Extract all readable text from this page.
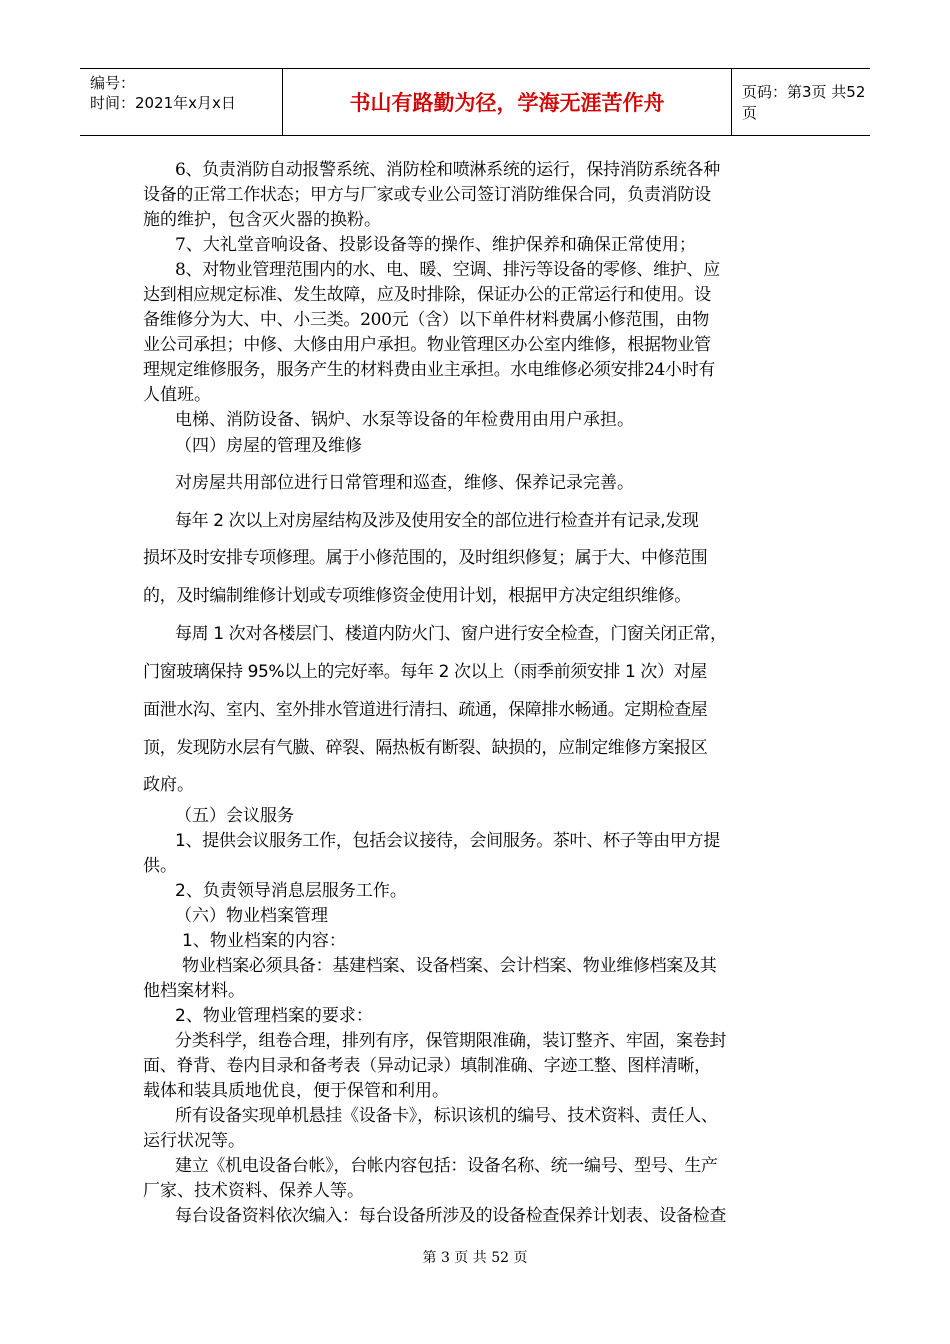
编号：
时间：2021年x月x日	书山有路勤为径，学海无涯苦作舟	页码：第3页 共52页
6、负责消防自动报警系统、消防栓和喷淋系统的运行，保持消防系统各种
设备的正常工作状态；甲方与厂家或专业公司签订消防维保合同，负责消防设
施的维护，包含灭火器的换粉。
7、大礼堂音响设备、投影设备等的操作、维护保养和确保正常使用；
8、对物业管理范围内的水、电、暖、空调、排污等设备的零修、维护、应
达到相应规定标准、发生故障，应及时排除，保证办公的正常运行和使用。设
备维修分为大、中、小三类。200元（含）以下单件材料费属小修范围，由物
业公司承担；中修、大修由用户承担。物业管理区办公室内维修，根据物业管
理规定维修服务，服务产生的材料费由业主承担。水电维修必须安排24小时有
人值班。
电梯、消防设备、锅炉、水泵等设备的年检费用由用户承担。
（四）房屋的管理及维修
对房屋共用部位进行日常管理和巡查，维修、保养记录完善。
每年 2 次以上对房屋结构及涉及使用安全的部位进行检查并有记录,发现
损坏及时安排专项修理。属于小修范围的，及时组织修复；属于大、中修范围
的，及时编制维修计划或专项维修资金使用计划，根据甲方决定组织维修。
每周 1 次对各楼层门、楼道内防火门、窗户进行安全检查，门窗关闭正常，
门窗玻璃保持 95%以上的完好率。每年 2 次以上（雨季前须安排 1 次）对屋
面泄水沟、室内、室外排水管道进行清扫、疏通，保障排水畅通。定期检查屋
顶，发现防水层有气臌、碎裂、隔热板有断裂、缺损的，应制定维修方案报区
政府。
（五）会议服务
1、提供会议服务工作，包括会议接待，会间服务。茶叶、杯子等由甲方提
供。
2、负责领导消息层服务工作。
（六）物业档案管理
1、物业档案的内容：
物业档案必须具备：基建档案、设备档案、会计档案、物业维修档案及其
他档案材料。
2、物业管理档案的要求：
分类科学，组卷合理，排列有序，保管期限准确，装订整齐、牢固，案卷封
面、脊背、卷内目录和备考表（异动记录）填制准确、字迹工整、图样清晰，
载体和装具质地优良，便于保管和利用。
所有设备实现单机悬挂《设备卡》，标识该机的编号、技术资料、责任人、
运行状况等。
建立《机电设备台帐》，台帐内容包括：设备名称、统一编号、型号、生产
厂家、技术资料、保养人等。
每台设备资料依次编入：每台设备所涉及的设备检查保养计划表、设备检查
第 3 页 共 52 页
